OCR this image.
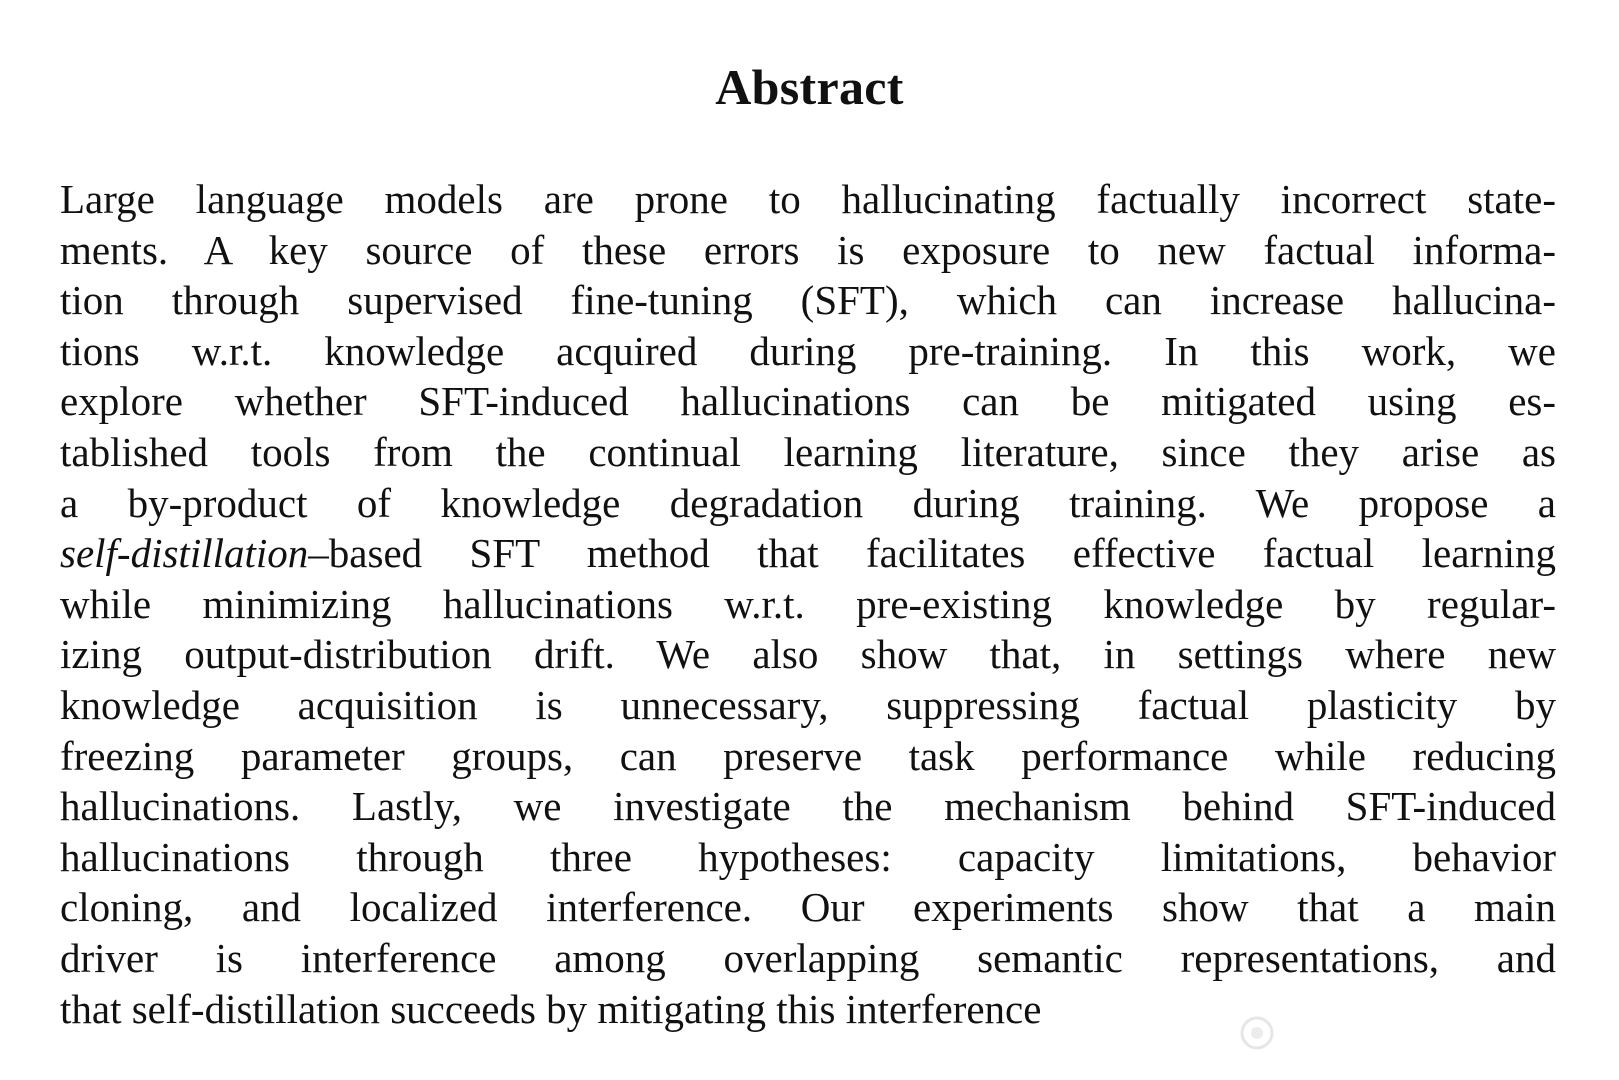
Abstract
Large language models are prone to hallucinating factually incorrect state-
ments. A key source of these errors is exposure to new factual informa-
tion through supervised fine-tuning (SFT), which can increase hallucina-
tions w.r.t. knowledge acquired during pre-training. In this work, we
explore whether SFT-induced hallucinations can be mitigated using es-
tablished tools from the continual learning literature, since they arise as
a by-product of knowledge degradation during training. We propose a
self-distillation–based SFT method that facilitates effective factual learning
while minimizing hallucinations w.r.t. pre-existing knowledge by regular-
izing output-distribution drift. We also show that, in settings where new
knowledge acquisition is unnecessary, suppressing factual plasticity by
freezing parameter groups, can preserve task performance while reducing
hallucinations. Lastly, we investigate the mechanism behind SFT-induced
hallucinations through three hypotheses: capacity limitations, behavior
cloning, and localized interference. Our experiments show that a main
driver is interference among overlapping semantic representations, and
that self-distillation succeeds by mitigating this interference
